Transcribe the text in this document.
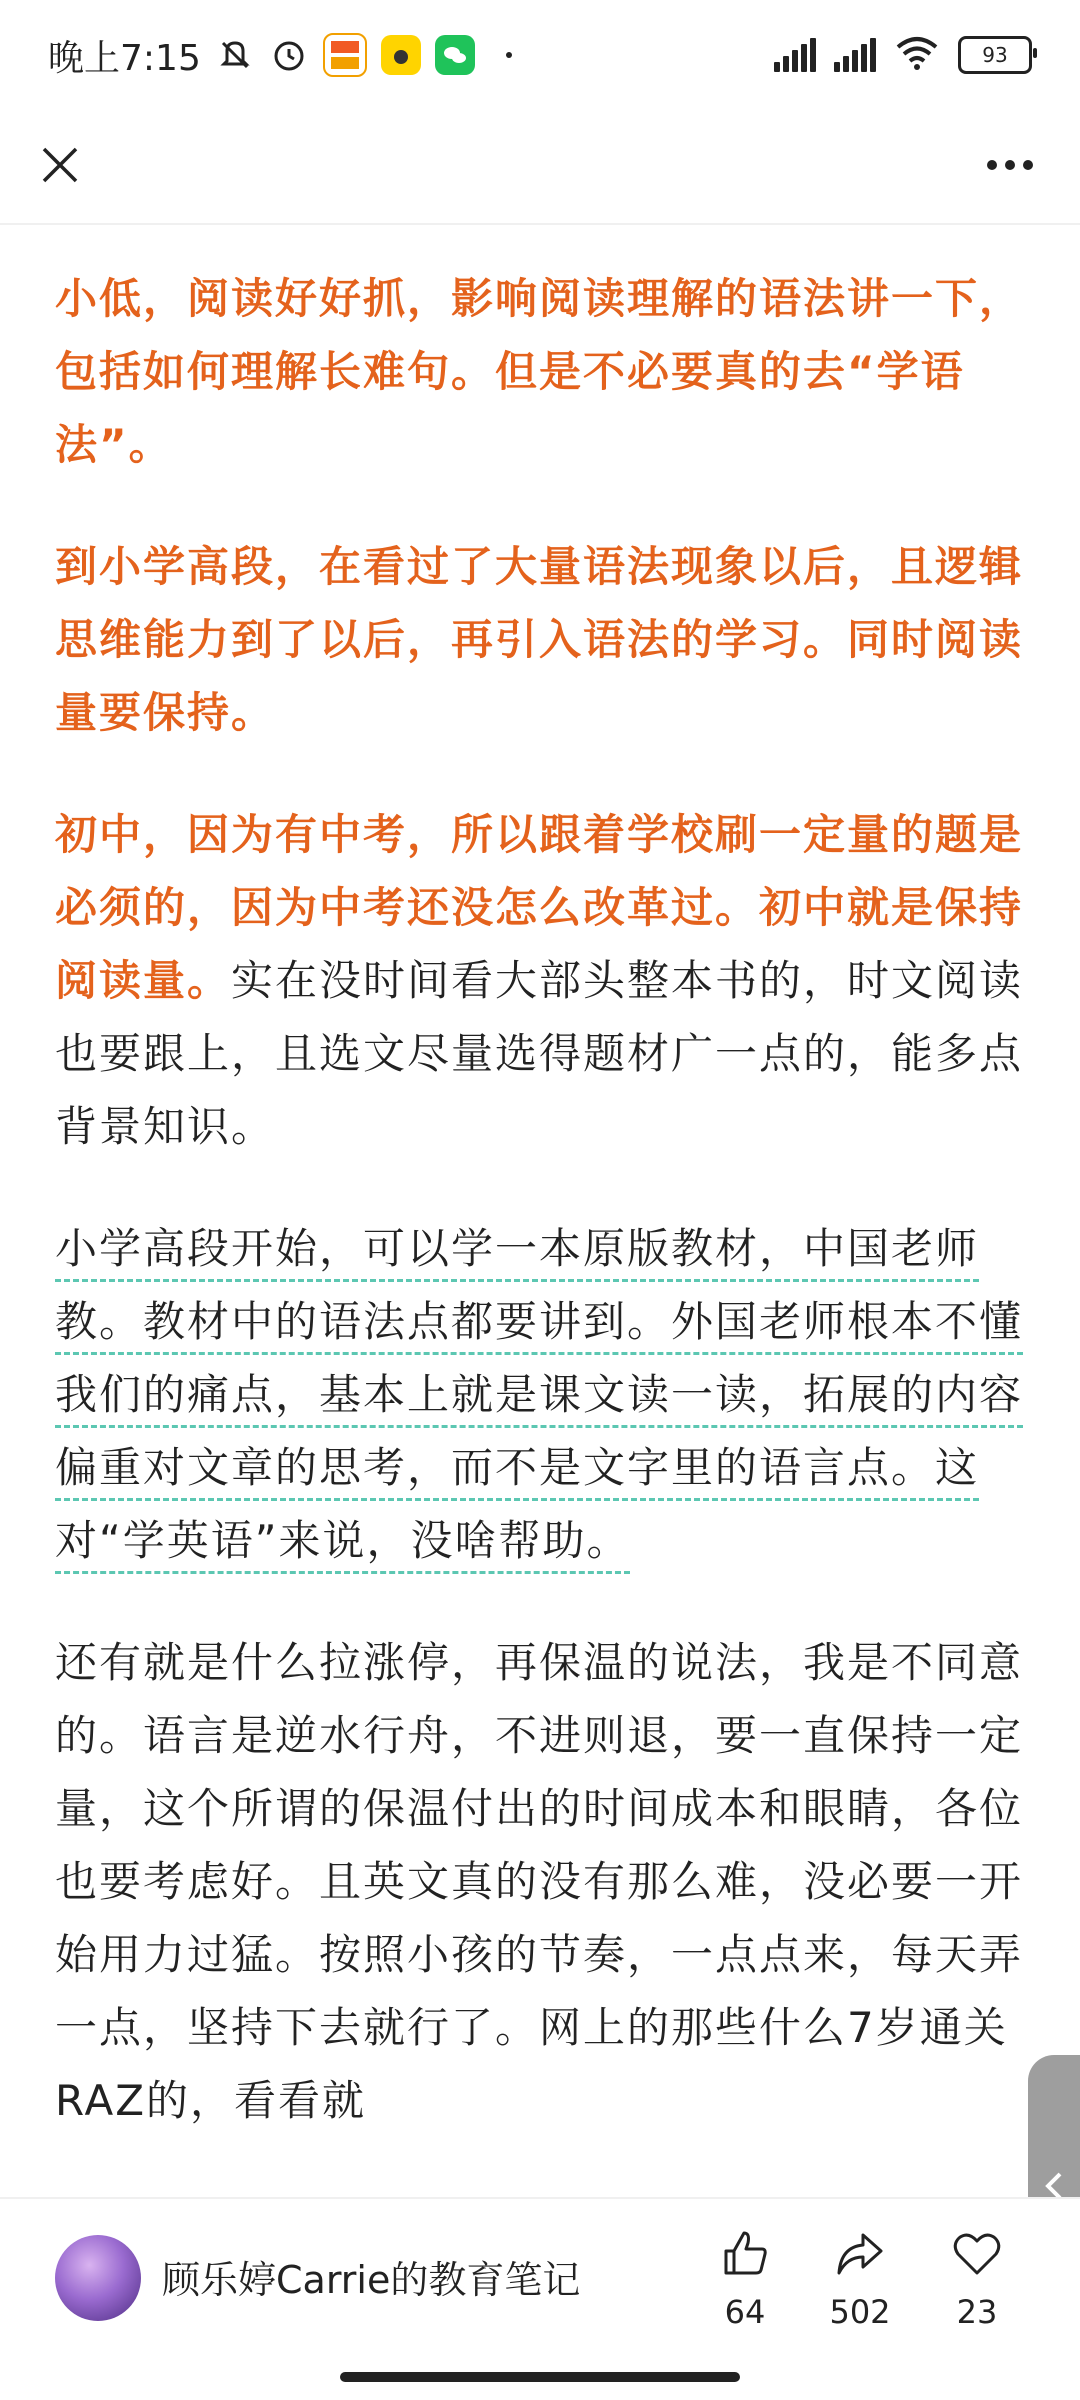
晚上7:15	93

小低，阅读好好抓，影响阅读理解的语法讲一下，包括如何理解长难句。但是不必要真的去“学语法”。

到小学高段，在看过了大量语法现象以后，且逻辑思维能力到了以后，再引入语法的学习。同时阅读量要保持。

初中，因为有中考，所以跟着学校刷一定量的题是必须的，因为中考还没怎么改革过。初中就是保持阅读量。实在没时间看大部头整本书的，时文阅读也要跟上，且选文尽量选得题材广一点的，能多点背景知识。

小学高段开始，可以学一本原版教材，中国老师教。教材中的语法点都要讲到。外国老师根本不懂我们的痛点，基本上就是课文读一读，拓展的内容偏重对文章的思考，而不是文字里的语言点。这对“学英语”来说，没啥帮助。

还有就是什么拉涨停，再保温的说法，我是不同意的。语言是逆水行舟，不进则退，要一直保持一定量，这个所谓的保温付出的时间成本和眼睛，各位也要考虑好。且英文真的没有那么难，没必要一开始用力过猛。按照小孩的节奏，一点点来，每天弄一点，坚持下去就行了。网上的那些什么7岁通关RAZ的，看看就

顾乐婷Carrie的教育笔记
64	502	23
